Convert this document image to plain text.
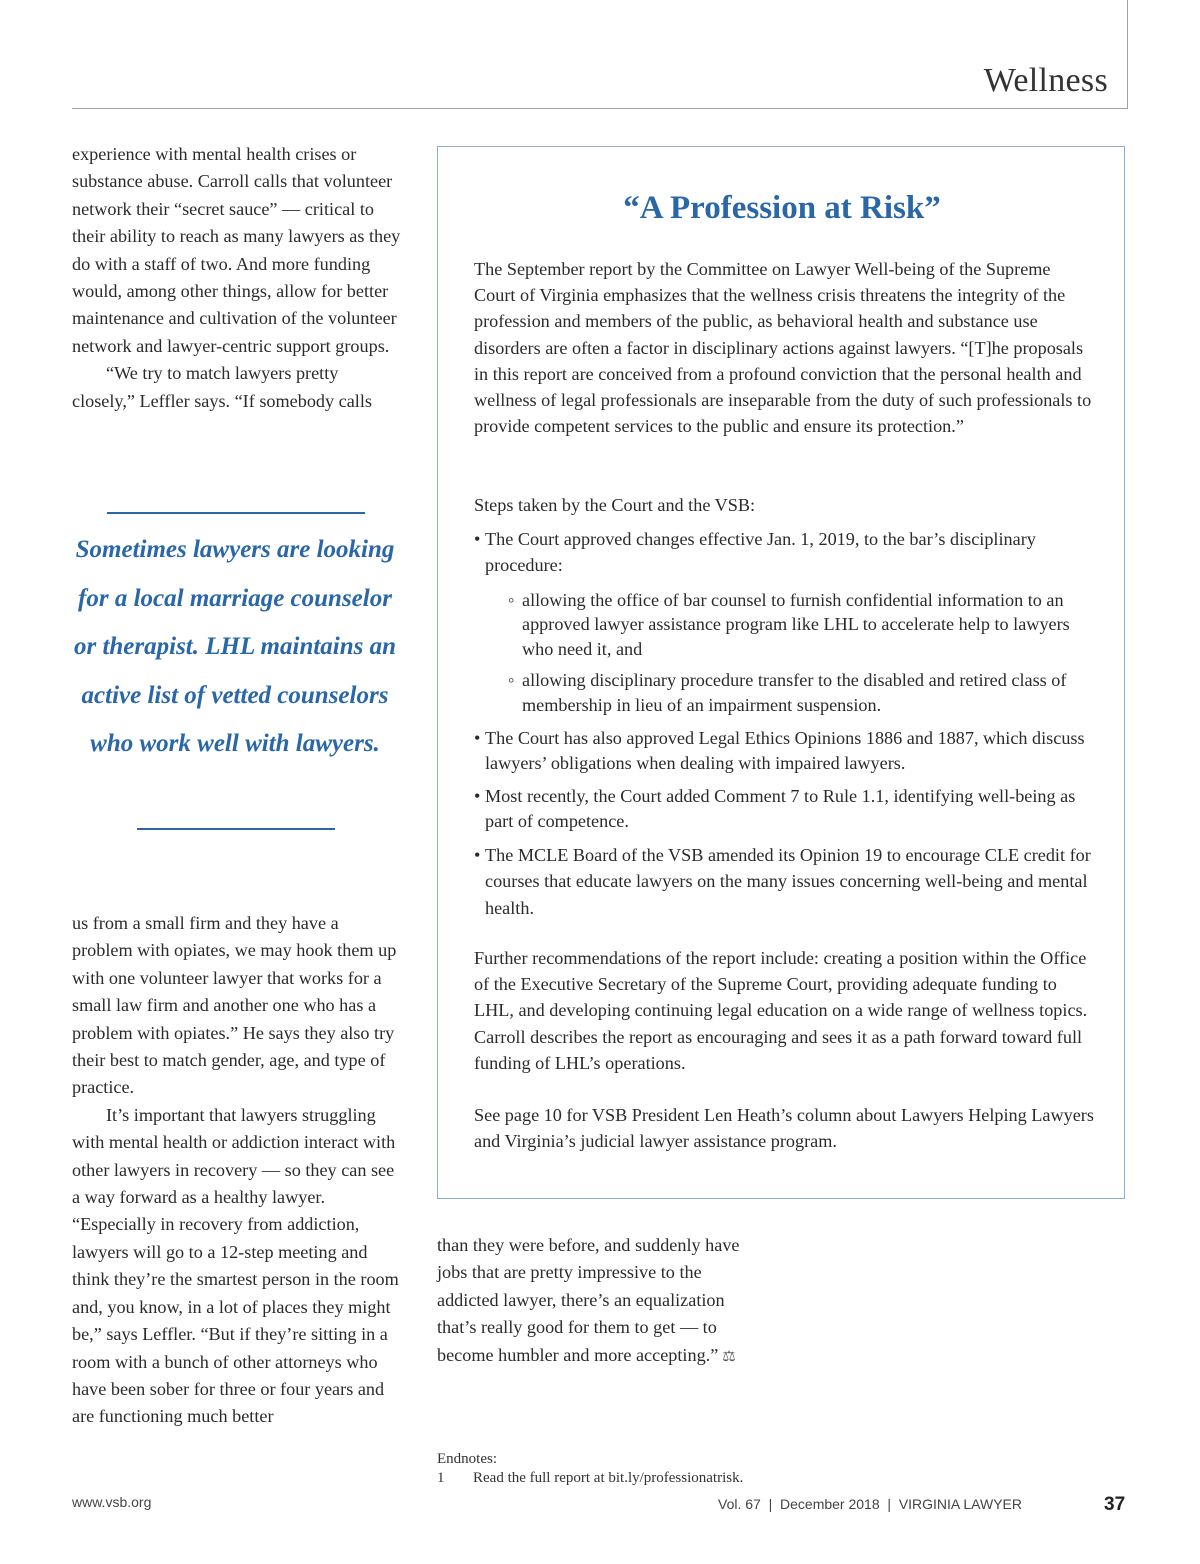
Wellness

experience with mental health crises or substance abuse. Carroll calls that volunteer network their “secret sauce” — critical to their ability to reach as many lawyers as they do with a staff of two. And more funding would, among other things, allow for better maintenance and cultivation of the volunteer network and lawyer-centric support groups.

“We try to match lawyers pretty closely,” Leffler says. “If somebody calls

Sometimes lawyers are looking for a local marriage counselor or therapist. LHL maintains an active list of vetted counselors who work well with lawyers.

us from a small firm and they have a problem with opiates, we may hook them up with one volunteer lawyer that works for a small law firm and another one who has a problem with opiates.” He says they also try their best to match gender, age, and type of practice.

It’s important that lawyers struggling with mental health or addiction interact with other lawyers in recovery — so they can see a way forward as a healthy lawyer. “Especially in recovery from addiction, lawyers will go to a 12-step meeting and think they’re the smartest person in the room and, you know, in a lot of places they might be,” says Leffler. “But if they’re sitting in a room with a bunch of other attorneys who have been sober for three or four years and are functioning much better

“A Profession at Risk”

The September report by the Committee on Lawyer Well-being of the Supreme Court of Virginia emphasizes that the wellness crisis threatens the integrity of the profession and members of the public, as behavioral health and substance use disorders are often a factor in disciplinary actions against lawyers. “[T]he proposals in this report are conceived from a profound conviction that the personal health and wellness of legal professionals are inseparable from the duty of such professionals to provide competent services to the public and ensure its protection.”

Steps taken by the Court and the VSB:

• The Court approved changes effective Jan. 1, 2019, to the bar’s disciplinary procedure:

◦ allowing the office of bar counsel to furnish confidential information to an approved lawyer assistance program like LHL to accelerate help to lawyers who need it, and

◦ allowing disciplinary procedure transfer to the disabled and retired class of membership in lieu of an impairment suspension.

• The Court has also approved Legal Ethics Opinions 1886 and 1887, which discuss lawyers’ obligations when dealing with impaired lawyers.

• Most recently, the Court added Comment 7 to Rule 1.1, identifying well-being as part of competence.

• The MCLE Board of the VSB amended its Opinion 19 to encourage CLE credit for courses that educate lawyers on the many issues concerning well-being and mental health.

Further recommendations of the report include: creating a position within the Office of the Executive Secretary of the Supreme Court, providing adequate funding to LHL, and developing continuing legal education on a wide range of wellness topics. Carroll describes the report as encouraging and sees it as a path forward toward full funding of LHL’s operations.

See page 10 for VSB President Len Heath’s column about Lawyers Helping Lawyers and Virginia’s judicial lawyer assistance program.

than they were before, and suddenly have jobs that are pretty impressive to the addicted lawyer, there’s an equalization that’s really good for them to get — to become humbler and more accepting.” ⚖

Endnotes:
1 Read the full report at bit.ly/professionatrisk.
www.vsb.org	Vol. 67  |  December 2018  |  VIRGINIA LAWYER	37
